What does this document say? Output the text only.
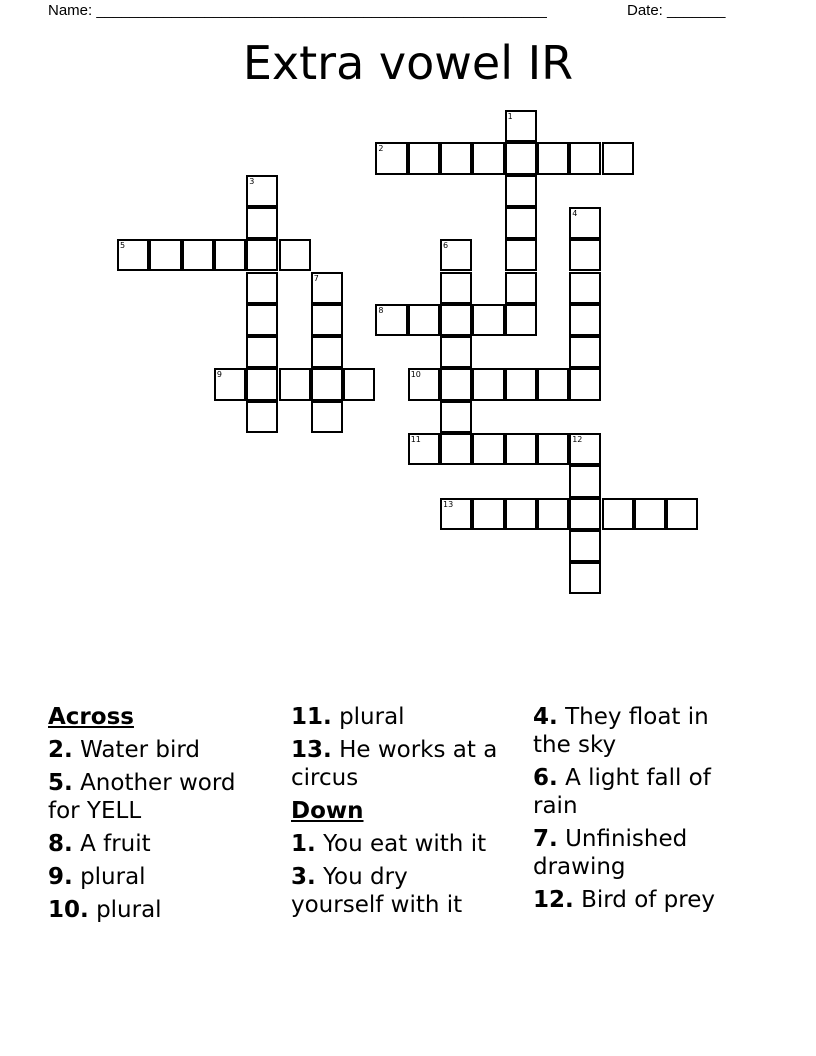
Name: ______________________________________________________	Date: _______
Extra vowel IR
1
2
3
4
5	6
7
8
9	10
11	12
13
Across
2. Water bird
5. Another word for YELL
8. A fruit
9. plural
10. plural
11. plural
13. He works at a circus
Down
1. You eat with it
3. You dry yourself with it
4. They float in the sky
6. A light fall of rain
7. Unfinished drawing
12. Bird of prey
